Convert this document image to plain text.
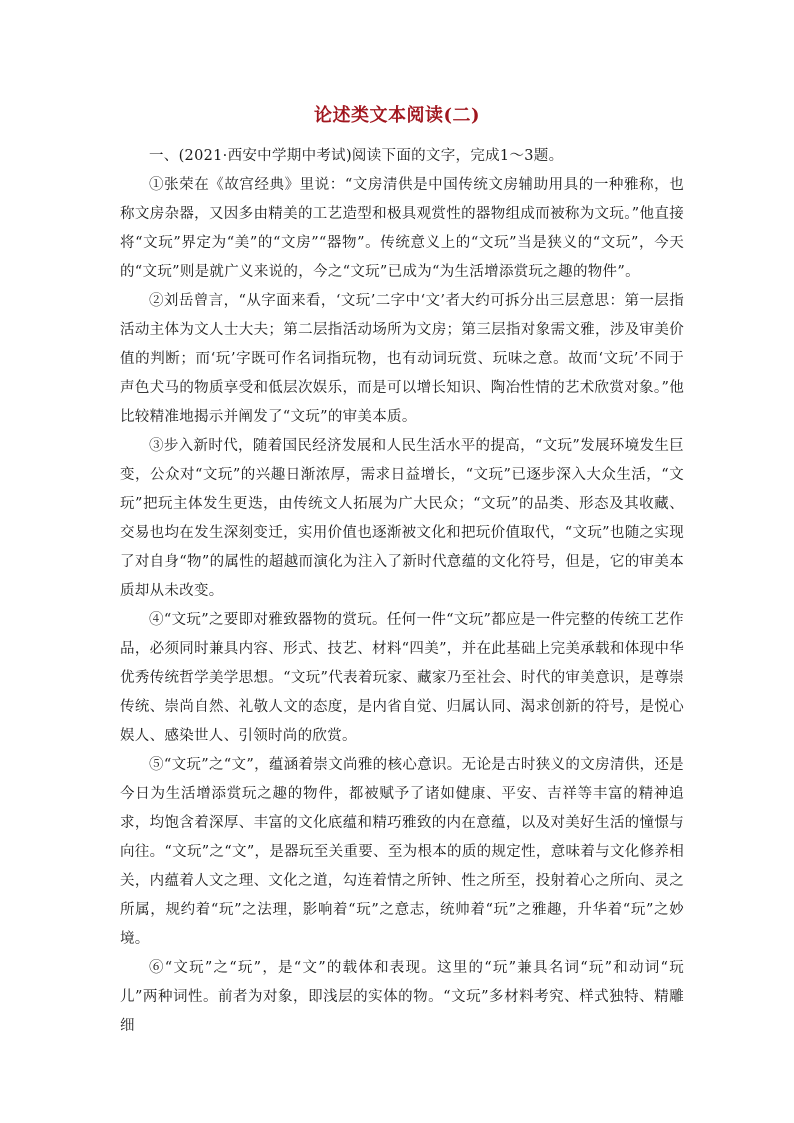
论述类文本阅读(二)

一、(2021·西安中学期中考试)阅读下面的文字，完成1～3题。

①张荣在《故宫经典》里说：“文房清供是中国传统文房辅助用具的一种雅称，也称文房杂器，又因多由精美的工艺造型和极具观赏性的器物组成而被称为文玩。”他直接将“文玩”界定为“美”的“文房”“器物”。传统意义上的“文玩”当是狭义的“文玩”，今天的“文玩”则是就广义来说的，今之“文玩”已成为“为生活增添赏玩之趣的物件”。

②刘岳曾言，“从字面来看，‘文玩’二字中‘文’者大约可拆分出三层意思：第一层指活动主体为文人士大夫；第二层指活动场所为文房；第三层指对象需文雅，涉及审美价值的判断；而‘玩’字既可作名词指玩物，也有动词玩赏、玩味之意。故而‘文玩’不同于声色犬马的物质享受和低层次娱乐，而是可以增长知识、陶冶性情的艺术欣赏对象。”他比较精准地揭示并阐发了“文玩”的审美本质。

③步入新时代，随着国民经济发展和人民生活水平的提高，“文玩”发展环境发生巨变，公众对“文玩”的兴趣日渐浓厚，需求日益增长，“文玩”已逐步深入大众生活，“文玩”把玩主体发生更迭，由传统文人拓展为广大民众；“文玩”的品类、形态及其收藏、交易也均在发生深刻变迁，实用价值也逐渐被文化和把玩价值取代，“文玩”也随之实现了对自身“物”的属性的超越而演化为注入了新时代意蕴的文化符号，但是，它的审美本质却从未改变。

④“文玩”之要即对雅致器物的赏玩。任何一件“文玩”都应是一件完整的传统工艺作品，必须同时兼具内容、形式、技艺、材料“四美”，并在此基础上完美承载和体现中华优秀传统哲学美学思想。“文玩”代表着玩家、藏家乃至社会、时代的审美意识，是尊崇传统、崇尚自然、礼敬人文的态度，是内省自觉、归属认同、渴求创新的符号，是悦心娱人、感染世人、引领时尚的欣赏。

⑤“文玩”之“文”，蕴涵着崇文尚雅的核心意识。无论是古时狭义的文房清供，还是今日为生活增添赏玩之趣的物件，都被赋予了诸如健康、平安、吉祥等丰富的精神追求，均饱含着深厚、丰富的文化底蕴和精巧雅致的内在意蕴，以及对美好生活的憧憬与向往。“文玩”之“文”，是器玩至关重要、至为根本的质的规定性，意味着与文化修养相关，内蕴着人文之理、文化之道，勾连着情之所钟、性之所至，投射着心之所向、灵之所属，规约着“玩”之法理，影响着“玩”之意志，统帅着“玩”之雅趣，升华着“玩”之妙境。

⑥“文玩”之“玩”，是“文”的载体和表现。这里的“玩”兼具名词“玩”和动词“玩儿”两种词性。前者为对象，即浅层的实体的物。“文玩”多材料考究、样式独特、精雕细
